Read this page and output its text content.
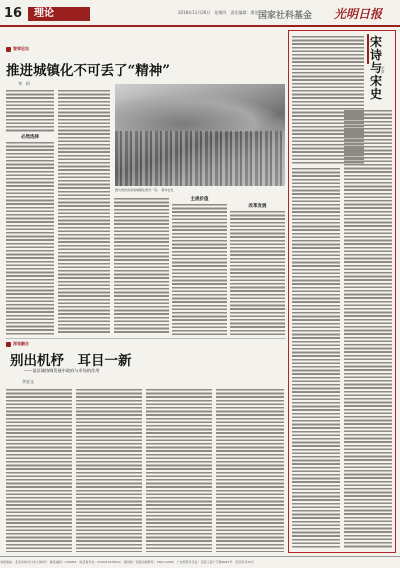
16 理论	2018年11月26日　星期四　责任编辑：理论 国家社科基金 光明日报
智库论坛
推进城镇化不可丢了“精神”
李　柯
必然选择
图为贵州省某地城镇化建设一景。　新华社发
主流价值
改革发展
深观融合
别出机杼　耳目一新
——谈区域协调发展中政府与市场的作用
李安文
宋诗与宋史
余　群
本报地址：北京市珠市口东大街5号　邮政编码：100062　电话查号台：(010)67078114　国内统一连续出版物号：CN11-0026　广告经营许可证：京西工商广字第0093号　定价每月33元
